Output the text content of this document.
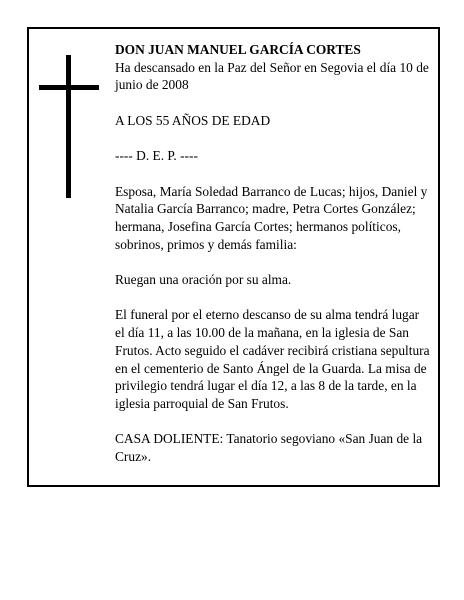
DON JUAN MANUEL GARCÍA CORTES

Ha descansado en la Paz del Señor en Segovia el día 10 de junio de 2008

A LOS 55 AÑOS DE EDAD

---- D. E. P. ----

Esposa, María Soledad Barranco de Lucas; hijos, Daniel y Natalia García Barranco; madre, Petra Cortes González; hermana, Josefina García Cortes; hermanos políticos, sobrinos, primos y demás familia:

Ruegan una oración por su alma.

El funeral por el eterno descanso de su alma tendrá lugar el día 11, a las 10.00 de la mañana, en la iglesia de San Frutos. Acto seguido el cadáver recibirá cristiana sepultura en el cementerio de Santo Ángel de la Guarda. La misa de privilegio tendrá lugar el día 12, a las 8 de la tarde, en la iglesia parroquial de San Frutos.

CASA DOLIENTE: Tanatorio segoviano «San Juan de la Cruz».
